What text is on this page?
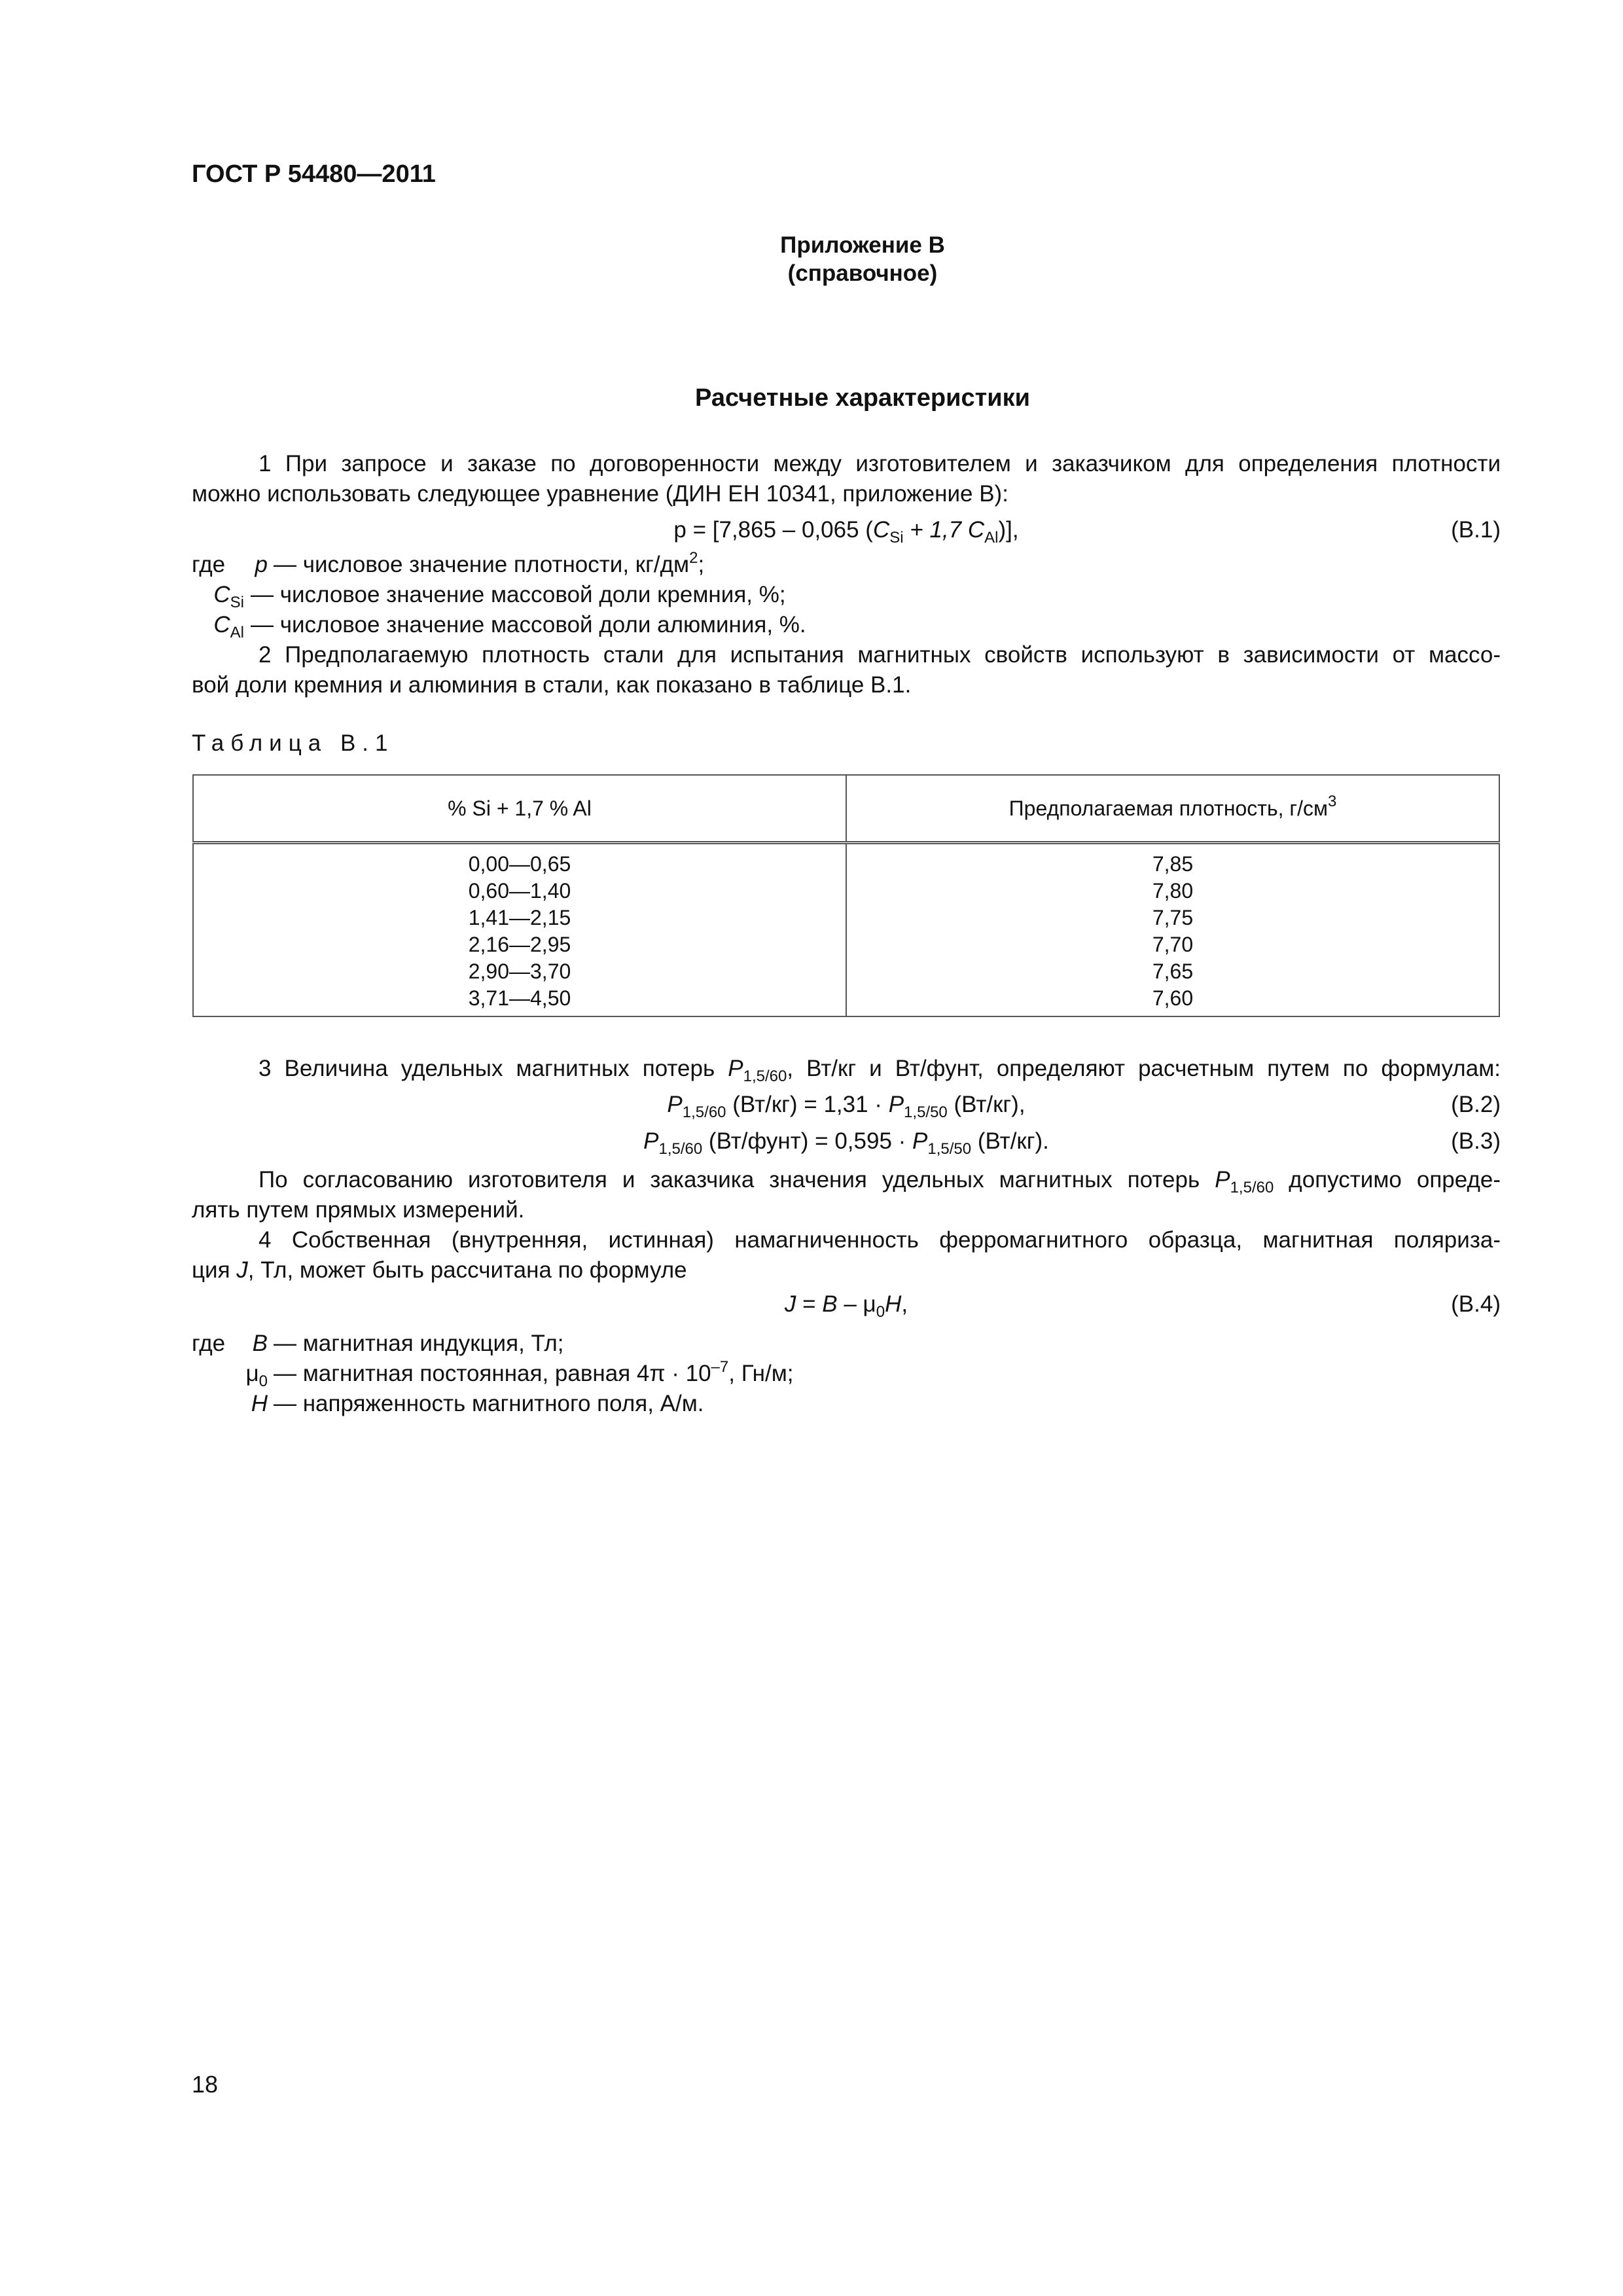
ГОСТ Р 54480—2011
Приложение В
(справочное)
Расчетные характеристики
1 При запросе и заказе по договоренности между изготовителем и заказчиком для определения плотности
можно использовать следующее уравнение (ДИН ЕН 10341, приложение В):
p = [7,865 – 0,065 ($C_{Si} + 1,7$ $C_{Al}$)],	(В.1)
где	p — числовое значение плотности, $кг/дм^2$;
$C_{Si}$ — числовое значение массовой доли кремния, %;
$C_{Al}$ — числовое значение массовой доли алюминия, %.
2 Предполагаемую плотность стали для испытания магнитных свойств используют в зависимости от массо-
вой доли кремния и алюминия в стали, как показано в таблице В.1.
Таблица В.1
% Si + 1,7 % Al	Предполагаемая плотность, $г/см^3$
0,00—0,65	7,85
0,60—1,40	7,80
1,41—2,15	7,75
2,16—2,95	7,70
2,90—3,70	7,65
3,71—4,50	7,60
3 Величина удельных магнитных потерь $P_{1,5/60}$, Вт/кг и Вт/фунт, определяют расчетным путем по формулам:
$P_{1,5/60}$ $(Вт/кг) = 1,31 \cdot P_{1,5/50}$ (Вт/кг),	(В.2)
$P_{1,5/60}$ (Вт/фунт) = $0,595 \cdot P_{1,5/50}$ (Вт/кг).	(В.3)
По согласованию изготовителя и заказчика значения удельных магнитных потерь $P_{1,5/60}$ допустимо опреде-
лять путем прямых измерений.
4 Собственная (внутренняя, истинная) намагниченность ферромагнитного образца, магнитная поляриза-
ция J, Тл, может быть рассчитана по формуле
$J = B - \mu_0H$,	(В.4)
где	B — магнитная индукция, Тл;
$\mu_0$ — магнитная постоянная, равная $4\pi \cdot 10^{-7}$, Гн/м;
H — напряженность магнитного поля, А/м.
18
